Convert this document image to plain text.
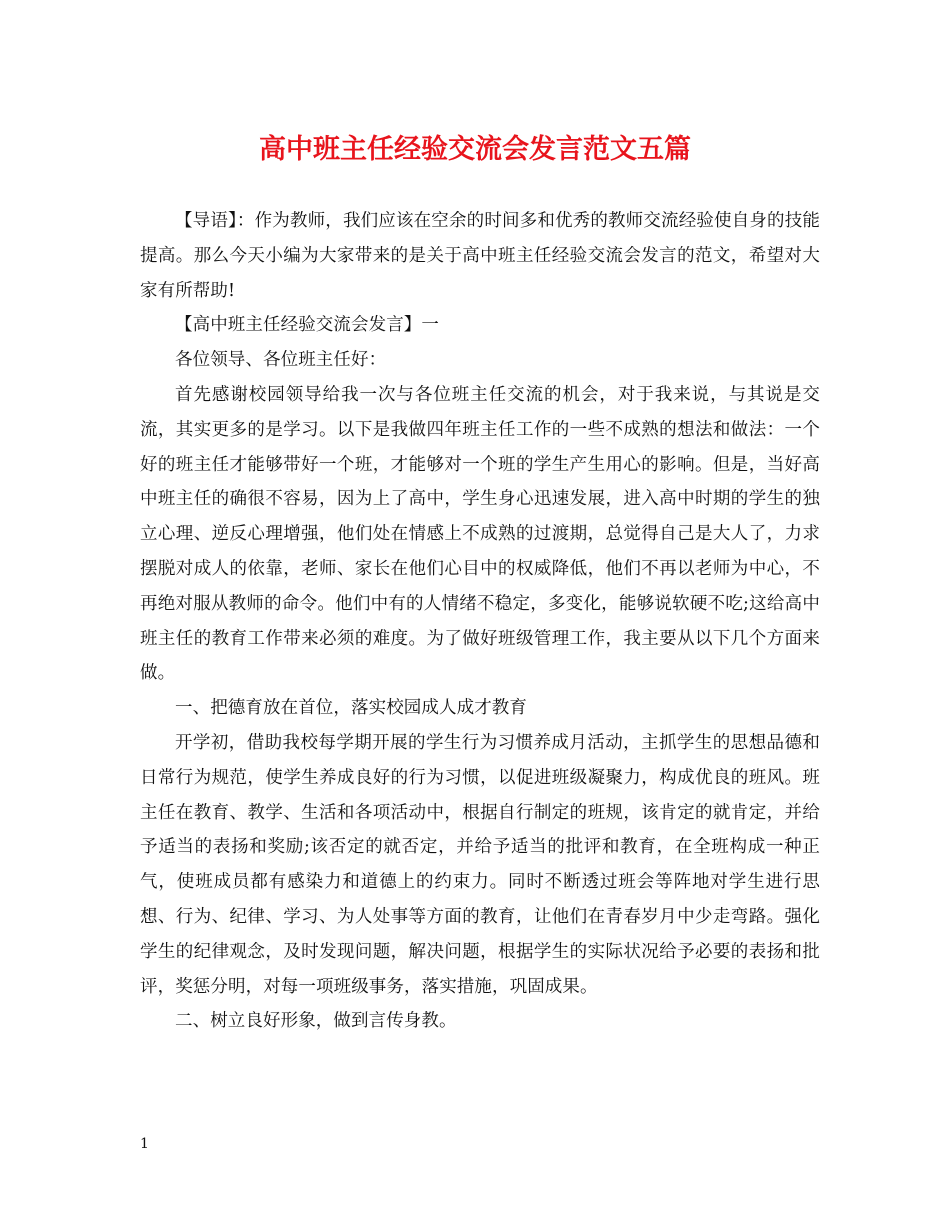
高中班主任经验交流会发言范文五篇

【导语】：作为教师，我们应该在空余的时间多和优秀的教师交流经验使自身的技能提高。那么今天小编为大家带来的是关于高中班主任经验交流会发言的范文，希望对大家有所帮助!

【高中班主任经验交流会发言】一

各位领导、各位班主任好：

首先感谢校园领导给我一次与各位班主任交流的机会，对于我来说，与其说是交流，其实更多的是学习。以下是我做四年班主任工作的一些不成熟的想法和做法：一个好的班主任才能够带好一个班，才能够对一个班的学生产生用心的影响。但是，当好高中班主任的确很不容易，因为上了高中，学生身心迅速发展，进入高中时期的学生的独立心理、逆反心理增强，他们处在情感上不成熟的过渡期，总觉得自己是大人了，力求摆脱对成人的依靠，老师、家长在他们心目中的权威降低，他们不再以老师为中心，不再绝对服从教师的命令。他们中有的人情绪不稳定，多变化，能够说软硬不吃;这给高中班主任的教育工作带来必须的难度。为了做好班级管理工作，我主要从以下几个方面来做。

一、把德育放在首位，落实校园成人成才教育

开学初，借助我校每学期开展的学生行为习惯养成月活动，主抓学生的思想品德和日常行为规范，使学生养成良好的行为习惯，以促进班级凝聚力，构成优良的班风。班主任在教育、教学、生活和各项活动中，根据自行制定的班规，该肯定的就肯定，并给予适当的表扬和奖励;该否定的就否定，并给予适当的批评和教育，在全班构成一种正气，使班成员都有感染力和道德上的约束力。同时不断透过班会等阵地对学生进行思想、行为、纪律、学习、为人处事等方面的教育，让他们在青春岁月中少走弯路。强化学生的纪律观念，及时发现问题，解决问题，根据学生的实际状况给予必要的表扬和批评，奖惩分明，对每一项班级事务，落实措施，巩固成果。

二、树立良好形象，做到言传身教。

1
